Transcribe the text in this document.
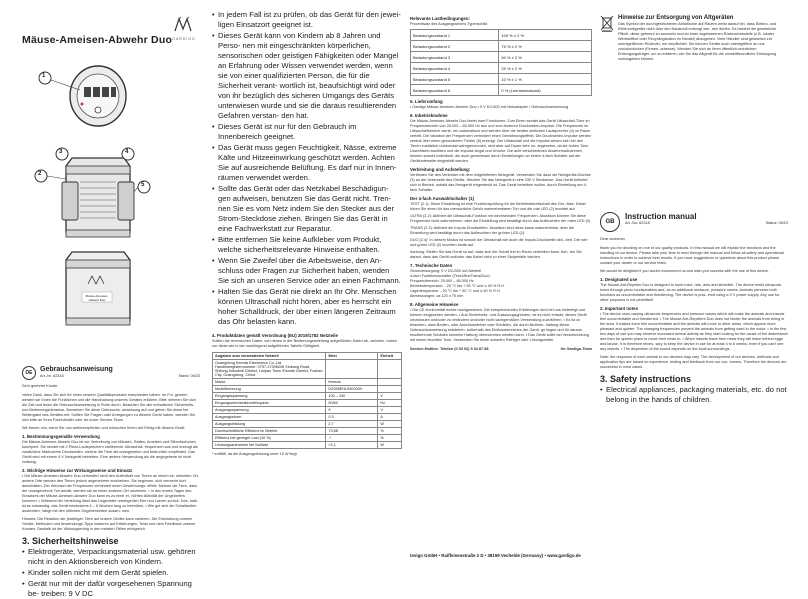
Mäuse-Ameisen-Abwehr Duo GARDIGO
1
2
3	4
5
Mäuse-Ameisen-Abwehr Duo
DE	Gebrauchsanweisung
Art.-Nr. 62318	Stand: 06/23
Sehr geehrter Kunde,
vielen Dank, dass Sie sich für eines unserer Qualitätsprodukte entschieden haben. Im Fol- genden werden wir Ihnen die Funktionen und die Handhabung unseres Gerätes erklären. Bitte nehmen Sie sich die Zeit und lesen die Gebrauchsanweisung in Ruhe durch. Beachten Sie alle enthaltenen Sicherheits- und Bedienungshinweise. Bewahren Sie diese Gebrauchs- anweisung auf und geben Sie diese bei Weitergabe des Gerätes mit. Sollten Sie Fragen oder Anregungen zu diesem Gerät haben, wenden Sie sich bitte an Ihren Fachhändler oder an unser Service-Team.
Wir freuen uns, wenn Sie uns weiterempfehlen und wünschen Ihnen viel Erfolg mit diesem Gerät.
1. Bestimmungsgemäße Verwendung
Die Mäuse-Ameisen-Abwehr Duo ist zur Vertreibung von Mäusen, Ratten, Ameisen und Silberfischchen konzipiert. Sie sendet mit 2 Piezo-Lautsprechern variierende Ultraschall- frequenzen aus und erzeugt als zusätzliche Maßnahme Druckwellen, welche die Tiere als unangenehm und bedrohlich empfinden. Das Gerät wird mit einem 9 V Netzgerät betrieben. Eine andere Verwendung als die angegebene ist nicht zulässig.
2. Wichtige Hinweise zur Wirkungsweise und Einsatz
• Die Mäuse-Ameisen-Abwehr Duo verhindert nicht den Aufenthalt von Tieren an einem be- stimmten Ort, andere Orte werden den Tieren jedoch angenehmer erscheinen. Sie beginnen, sich vermehrt dort aufzuhalten. Der Wechsel der Frequenzen verhindert einen Gewöhnungs- effekt. Merken die Tiere, dass der unangenehme Ton anhält, werden sie an einen anderen Ort umziehen. • In den ersten Tagen des Einsatzes der Mäuse-Ameisen-Abwehr Duo kann es zu einer er- höhten Aktivität der Ungeziefers kommen. • Während der Verteilung lässt das Ungeziefer unweigerlich Eier und Larven zurück. Des- halb ist es notwendig, das Gerät mindestens 4 – 6 Wochen lang zu betreiben, • Wie gut sich die Schallwellen ausbreiten, hängt mit den örtlichen Gegebenheiten zusam- men.
Hinweis: Die Reaktion der jeweiligen Tiere auf unsere Geräte kann variieren. Die Entwicklung unserer Geräte, Methoden und Anwendungs-Tipps basieren auf Erfahrungen, Tests und dem Feedback unserer Kunden. Deshalb ist der Wirkungserfolg in den meisten Fällen erfolgreich.
3. Sicherheitshinweise
• Elektrogeräte, Verpackungsmaterial usw. gehören nicht in den Aktionsbereich von Kindern.
• Kinder sollen nicht mit dem Gerät spielen.
• Gerät nur mit der dafür vorgesehenen Spannung be- treiben: 9 V DC
• In jedem Fall ist zu prüfen, ob das Gerät für den jewei- ligen Einsatzort geeignet ist.
• Dieses Gerät kann von Kindern ab 8 Jahren und Perso- nen mit eingeschränkten körperlichen, sensorischen oder geistigen Fähigkeiten oder Mangel an Erfahrung oder Wissen verwendet werden, wenn sie von einer qualifizierten Person, die für die Sicherheit verant- wortlich ist, beaufsichtigt wird oder von ihr bezüglich des sicheren Umgangs des Geräts unterwiesen wurde und sie die daraus resultierenden Gefahren verstan- den hat.
• Dieses Gerät ist nur für den Gebrauch im Innenbereich geeignet.
• Das Gerät muss gegen Feuchtigkeit, Nässe, extreme Kälte und Hitzeeinwirkung geschützt werden. Achten Sie auf ausreichende Belüftung. Es darf nur in Innen- räumen verwendet werden.
• Sollte das Gerät oder das Netzkabel Beschädigun- gen aufweisen, benutzen Sie das Gerät nicht. Tren- nen Sie es vom Netz indem Sie den Stecker aus der Strom-Steckdose ziehen. Bringen Sie das Gerät in eine Fachwerkstatt zur Reparatur.
• Bitte entfernen Sie keine Aufkleber vom Produkt, welche sicherheitsrelevante Hinweise enthalten.
• Wenn Sie Zweifel über die Arbeitsweise, den An- schluss oder Fragen zur Sicherheit haben, wenden Sie sich an unseren Service oder an einen Fachmann.
• Halten Sie das Gerät nie direkt an Ihr Ohr. Menschen können Ultraschall nicht hören, aber es herrscht ein hoher Schalldruck, der über einen längeren Zeitraum das Ohr belasten kann.
4. Produktdaten gemäß Verordnung (EU) 2019/1782 Netzteile
Sollten die technischen Daten, von denen in der Bedienungsanleitung aufgeführten Daten ab- weichen, haben nur diese wie in der nachfolgend aufgeführten Tabelle Gültigkeit.
Angaben zum verwendeten Netzteil	Wert	Einheit
Guangdong Keerda Electronics Co.,Ltd. Handelsregisternummer: 0757-27306006 Xinkang Road, Shilong Industrial District, Lunjiao Town Shunde District, Foshan City, Guangdong, China		
Marke	Keerda	
Modellkennung	DZ006EHL090030V	
Eingangsspannung	100 – 240	V
Eingangswechselstromfrequenz	50/60	Hz
Ausgangsspannung	9	V
Ausgangsstrom	0.3	A
Ausgangsleistung	2,7	W
Durchschnittliche Effizienz im Betrieb	73,68	%
Effizienz bei geringer Last (10 %)	-*	%
Leistungsaufnahme bei Nulllast	<0,1	W
* entfällt, da die Ausgangsleistung unter 10 W liegt
Relevante Lastbedingungen:
Prozentsatz des Ausgangsstroms Typenschild
Belastungszustand 1	100 % ± 2 %
Belastungszustand 2	75 % ± 2 %
Belastungszustand 3	50 % ± 2 %
Belastungszustand 4	25 % ± 2 %
Belastungszustand 5	10 % ± 1 %
Belastungszustand 6	0 % (Leerlaufzustand)
5. Lieferumfang
• Gardigo Mäuse-Ameisen-Abwehr Duo • 9 V DC/300 mA Netzadapter • Gebrauchsanweisung
6. Inbetriebnahme
Die Mäuse-Ameisen-Abwehr Duo bietet zwei Funktionen: Zum Einen sendet das Gerät Ultraschall-Töne im Frequenzbereich von 25.000 – 65.000 Hz aus und zum Anderen Druckwellen-Impulse. Die Frequenzen im Ultraschallbereich varrie- ren automatisch und werden über die beiden seitlichen Lautsprecher (4) im Raum verteilt. Die Variation der Frequenzen verhindert einen Gewöhnungseffekt. Die Druckwellen-Impulse werden zentral über einen gesonderten Treiber (5) erzeugt. Der Ultraschall und die Impulse wirken sich bei den Tieren zusätzlich unbewusst wahrgenommen, sind aber auf Dauer sehr un- angenehm, da sie hohen Tone Unwohlsein auslösen und die Impulse Angst und Unruhe. Die acht verschiedenen Abwehrmaßnahmen können sowohl individuell, als auch gemeinsam durch Einstellungen an einem 4-fach Schalter auf der Gerätunterseite eingestellt werden.
Verbreitung und Aufstellung:
Verbinden Sie den Verbinder mit dem mitgelieferten Netzgerät. Verwenden Sie dazu die Netzgeräte-Buchse (3) an der Unterseite des Geräts. Stecken Sie das Netzgerät in eine 230 V Steckdose. Das Gerät befindet sich in Betrieb, sobald das Netzgerät eingesteckt ist. Das Gerät betreiben wollen, durch Einstellung am 4-fach Schalter.
Der 4-fach Auswahlschalter (1)
TEST (2.1): Diese Einstellung ist eine Funktionsprüfung für die Betriebsbereitschaft des Ger- ätes. Dabei hören Sie einen für das menschliche Gehör wahrnehmbaren Ton und die rote LED (2) leuchtet auf.
ULTRA (2.2): Aktiviert die Ultraschall-Funktion mit wechselnden Frequenzen. Akustisch können Sie diese Frequenzen nicht wahrnehmen, aber die Einstellung wird bestätigt durch das Aufleuchten der roten LED (2).
TRANS (2.3): Aktiviert die Impuls-Druckwellen. Akustisch sind diese kaum wahrnehmbar, aber die Einstellung wird bestätigt durch das Aufleuchten der grünen LED (2).
DUO (2.4): In diesem Modus ist sowohl der Ultraschall wie auch die Impuls-Druckwelle akti- viert. Die rote und grüne LED (2) leuchten beide auf.
Achtung: Stellen Sie das Gerät so auf, dass sich der Schall frei im Raum verbreiten kann. Ach- ten Sie darauf, dass das Gerät und/oder das Kabel nicht zu einer Stolperfalle werden.
7. Technische Daten
Stromversorgung: 9 V DC/300 mA Netzteil
4-fach Funktionsschalter (Test/Ultra/Trans/Duo)
Frequenzbereich: 25.000 – 65.000 Hz
Betriebstemperatur: - 20 °C bis + 50 °C und ≤ 90 % R.H.
Lagertemperatur: - 20 °C bis + 50 °C und ≤ 90 % R.H.
Abmessungen: ca 120 x 75 mm
8. Allgemeine Hinweise
• Die CE-Konformität wurde nachgewiesen. Die entsprechenden Erklärungen sind bei uns hinterlegt und können eingesehen werden. • Aus Sicherheits- und Zulassungsgründen, ist es nicht erlaubt, dieses Gerät umzubauen und/oder zu verändern und/oder nicht sachgemäßen Verwendung zuzuführen. • Es ist zu beachten, dass Bedien- oder Anschlussfehler oder Schäden, die durch Nichtein- haltung dieser Gebrauchsanweisung entstehen, außerhalb des Einflussbereiches der Gardi- go liegen und für daraus resultierende Schäden keinerlei Haftung übernommen werden kann. • Das Gerät sollte bei Verschmutzung mit einem feuchten Tuch. Verwenden Sie keine scharfen Reiniger oder Lösungsmittel.
Service-Hotline: Telefon (0 53 02) 9 34 87 88	Ihr Gardigo-Team
tevigo GmbH • Raiffeisenstraße 2 D • 38159 Vechelde (Germany) • www.gardigo.de
Hinweise zur Entsorgung von Altgeräten
Das Symbol der durchgestrichenen Abfalltonne auf Rädern weist darauf hin, dass Elektro- und Elektronikgeräte nicht über den Hausmüll entsorgt wer- den dürfen. Es besteht die gesetzliche Pflicht, diese getrennt zu sammeln und an einer zugelassenen Rücknahmestelle (z.B. lokaler Wertstoffhof oder Recyclingstation im Handel) abzugeben. Viele Händler sind gesetzlich zur unentgeltlichen Rücknah- me verpflichtet. Sie können Geräte auch unentgeltlich an uns zurückschicken (Firmen- adresse). Wenden Sie sich an Ihren öffentlich-rechtlichen Entsorgungsträger, um zu erfahren, wie Sie das Altgerät für die umweltfreundliche Entsorgung zurückgeben können.
GB
Instruction manual
Art.-No. 62318	Status: 06/23
Dear customer,
thank you for deciding on one of our quality products. In this manual we will explain the functions and the handling of our device. Please take your time to read through the manual and follow all safety and operational instructions in order to achieve best results. If you have suggestions or questions about this product please contact your dealer or our service team.
We would be delighted if you would recommend us and wish you success with the use of this device.
1. Designated use
The Mouse-Ant-Repeller Duo is designed to repel mice, rats, ants and silverfish. The device emits ultrasonic tones through piezo loudspeakers and, as an additional measure, pressure waves. Animals perceive both functions as uncomfortable and threatening. The device is pow- ered using a 9 V power supply. Any use for other purposes is not permitted!
2. Important notes
• The device uses varying ultrasonic frequencies and pressure waves which will make the animals and insects feel uncomfortable and threatened. • The Mouse-Ant-Repellent Duo does not hinder the animals from being in the area. It makes them feel uncomfortable and the animals will move to other areas, which appear more pleasant and quieter. The changing frequencies prevent the animals from getting used to the noise. • In the first two days of use you may observe increased animal activity as they start looking for the cause of the disturbance and then for quieter place to move their nests to. • When insects leave their nests they will leave behind eggs and larvae. It is therefore neces- sary to keep the device in use for at least 4 to 6 weeks, even if you can't see any insects. • The dispersion of the sound depends on the local surroundings.
Note: the response of each animal to our devices may vary. The development of our devices, methods and application tips are based on experience, testing and feedback from our cus- tomers. Therefore the devices are successful in most cases.
3. Safety instructions
• Electrical appliances, packaging materials, etc. do not belong in the hands of children.
